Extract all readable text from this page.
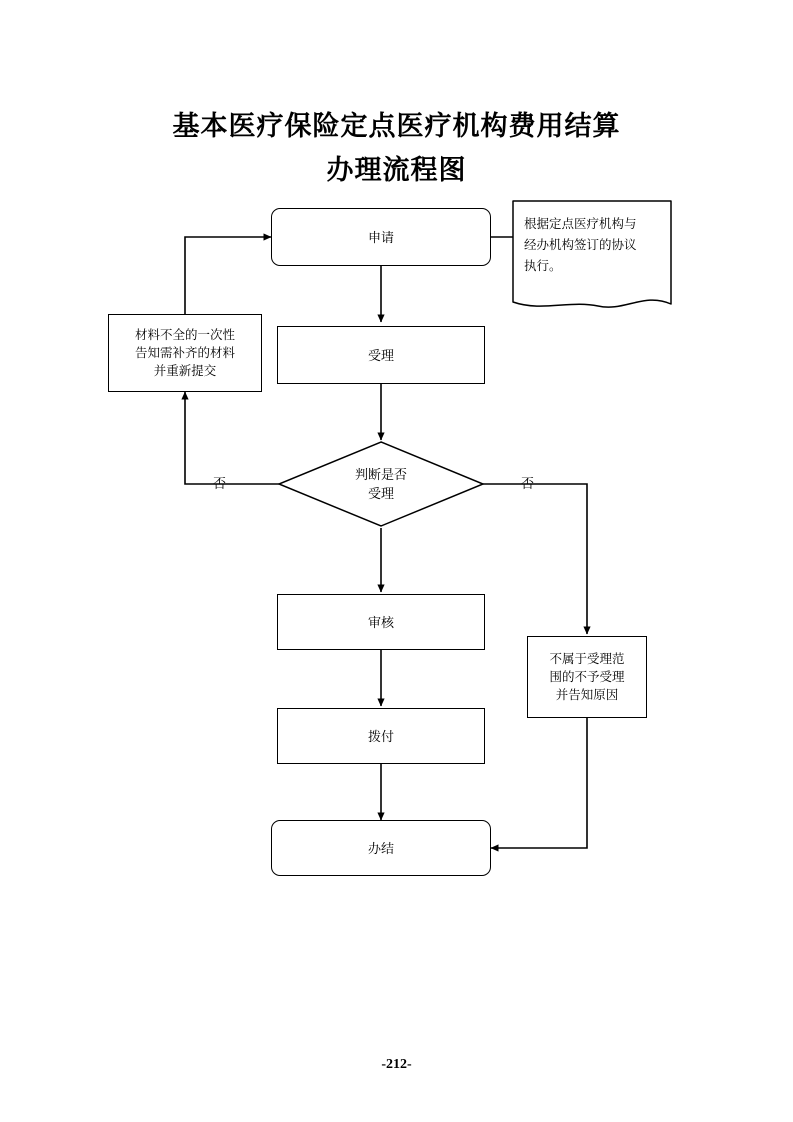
基本医疗保险定点医疗机构费用结算
办理流程图
申请
根据定点医疗机构与
经办机构签订的协议
执行。
受理
材料不全的一次性
告知需补齐的材料
并重新提交
判断是否
受理
否	否
审核
不属于受理范
围的不予受理
并告知原因
拨付
办结
-212-
